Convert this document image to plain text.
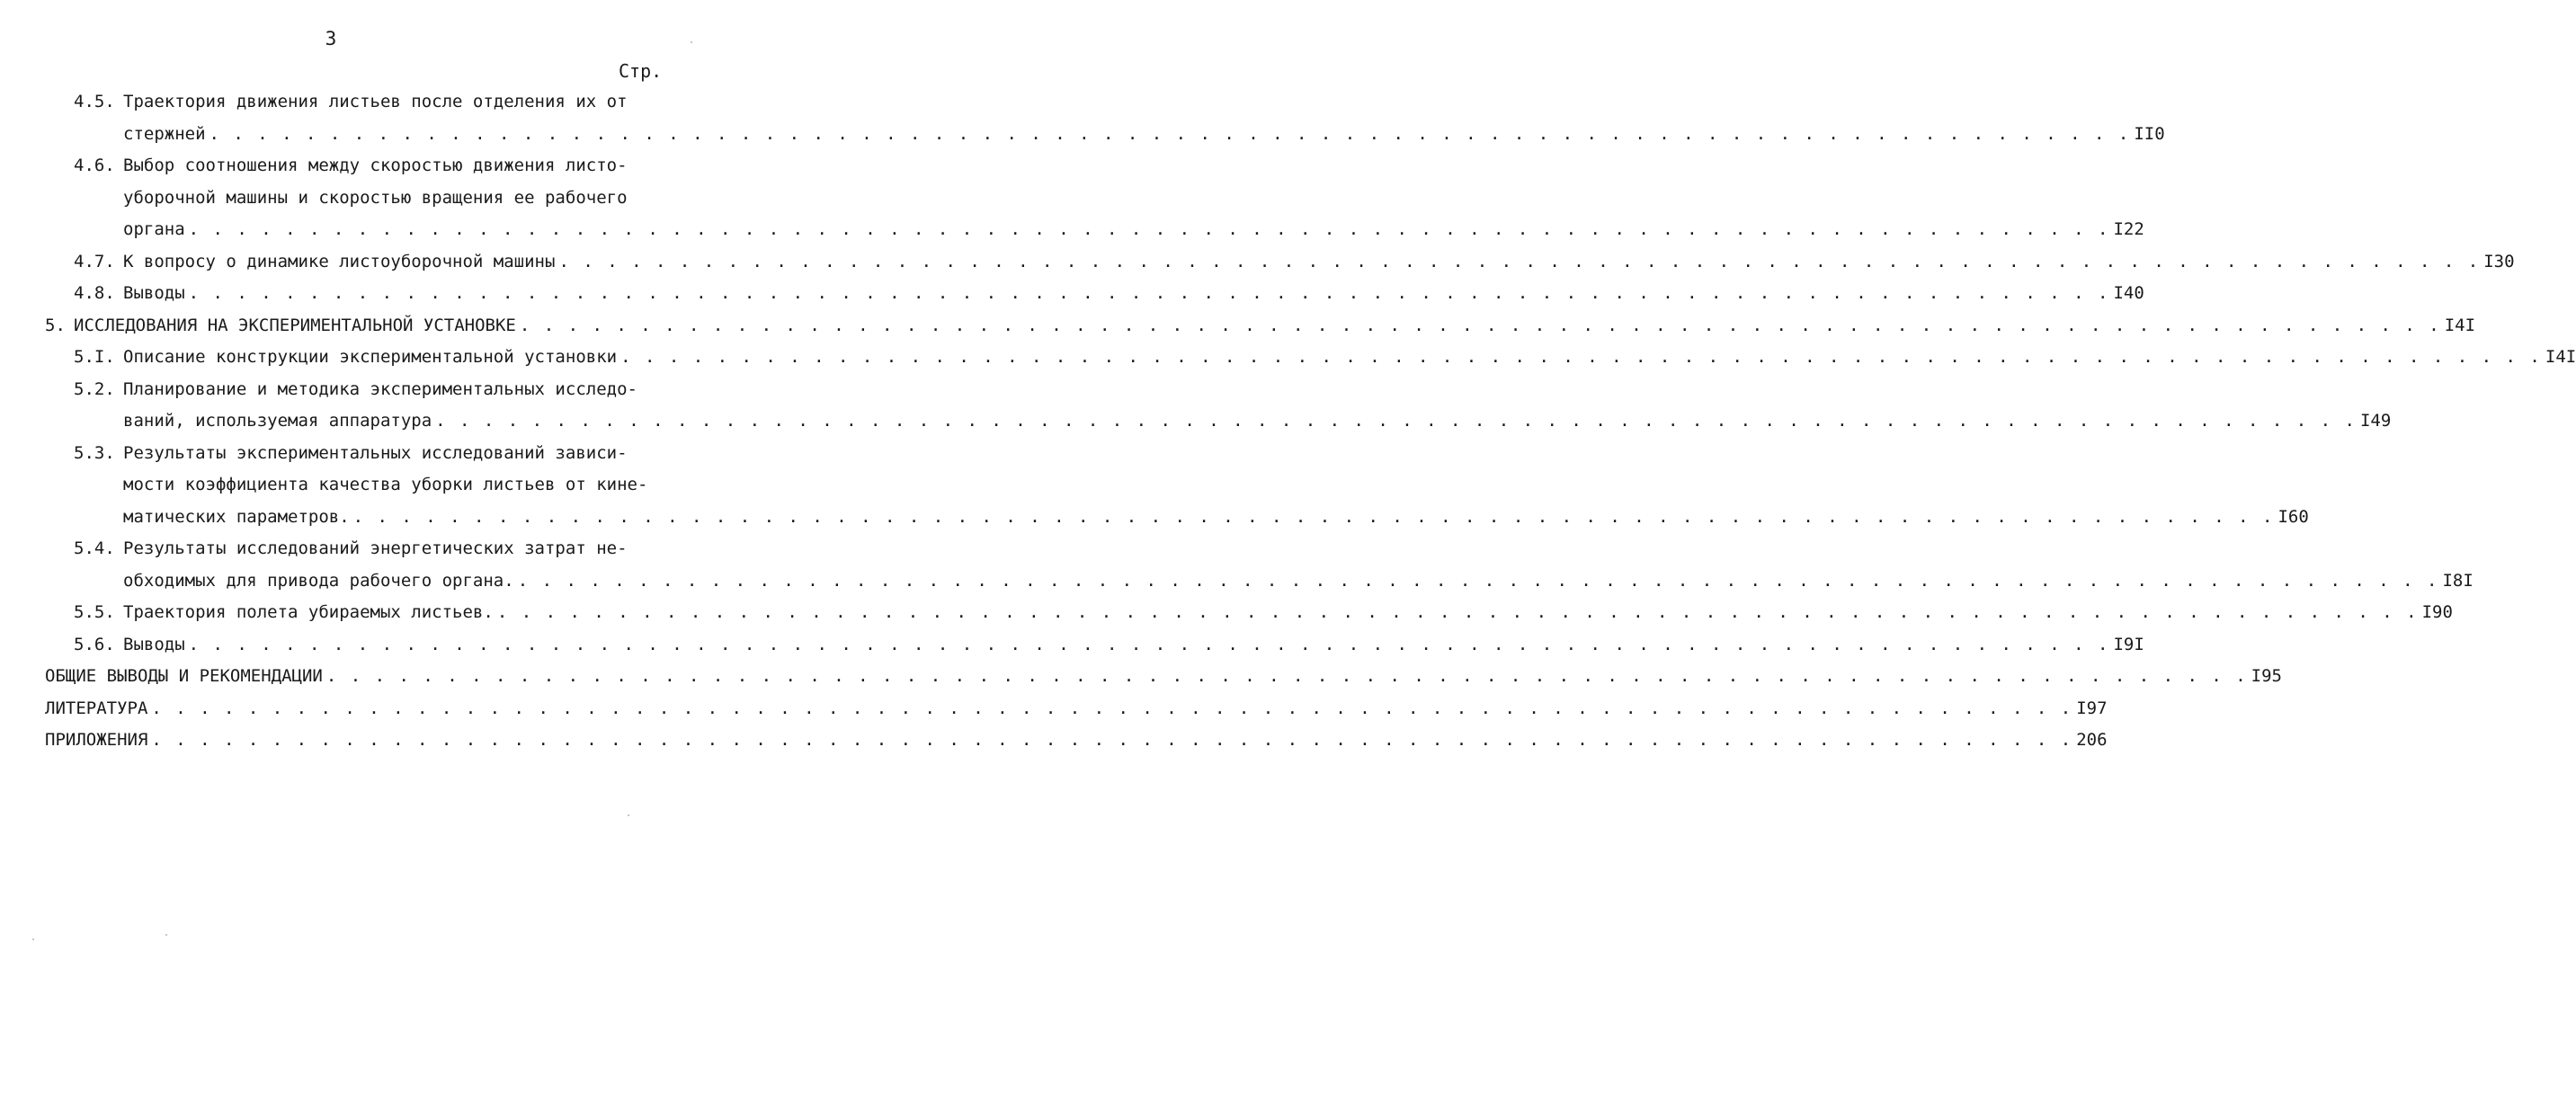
3
Стр.
4.5. Траектория движения листьев после отделения их от
стержней . . . . . . . . . . . . . . . . . . . . . . . . . . . . . . . . . . . . . . . . . . . . . . . . . . . . . . . . . . . . . . . . . . . . . . . . . . . . . . . . II0
4.6. Выбор соотношения между скоростью движения листо-
уборочной машины и скоростью вращения ее рабочего
органа . . . . . . . . . . . . . . . . . . . . . . . . . . . . . . . . . . . . . . . . . . . . . . . . . . . . . . . . . . . . . . . . . . . . . . . . . . . . . . . . I22
4.7. К вопросу о динамике листоуборочной машины . . . . . . . . . . . . . . . . . . . . . . . . . . . . . . . . . . . . . . . . . . . . . . . . . . . . . . . . . . . . . . . . . . . . . . . . . . . . . . . . I30
4.8. Выводы . . . . . . . . . . . . . . . . . . . . . . . . . . . . . . . . . . . . . . . . . . . . . . . . . . . . . . . . . . . . . . . . . . . . . . . . . . . . . . . . I40
5. ИССЛЕДОВАНИЯ НА ЭКСПЕРИМЕНТАЛЬНОЙ УСТАНОВКЕ . . . . . . . . . . . . . . . . . . . . . . . . . . . . . . . . . . . . . . . . . . . . . . . . . . . . . . . . . . . . . . . . . . . . . . . . . . . . . . . . I4I
5.I. Описание конструкции экспериментальной установки . . . . . . . . . . . . . . . . . . . . . . . . . . . . . . . . . . . . . . . . . . . . . . . . . . . . . . . . . . . . . . . . . . . . . . . . . . . . . . . . I4I
5.2. Планирование и методика экспериментальных исследо-
ваний, используемая аппаратура . . . . . . . . . . . . . . . . . . . . . . . . . . . . . . . . . . . . . . . . . . . . . . . . . . . . . . . . . . . . . . . . . . . . . . . . . . . . . . . . I49
5.3. Результаты экспериментальных исследований зависи-
мости коэффициента качества уборки листьев от кине-
матических параметров. . . . . . . . . . . . . . . . . . . . . . . . . . . . . . . . . . . . . . . . . . . . . . . . . . . . . . . . . . . . . . . . . . . . . . . . . . . . . . . . . I60
5.4. Результаты исследований энергетических затрат не-
обходимых для привода рабочего органа. . . . . . . . . . . . . . . . . . . . . . . . . . . . . . . . . . . . . . . . . . . . . . . . . . . . . . . . . . . . . . . . . . . . . . . . . . . . . . . . . I8I
5.5. Траектория полета убираемых листьев. . . . . . . . . . . . . . . . . . . . . . . . . . . . . . . . . . . . . . . . . . . . . . . . . . . . . . . . . . . . . . . . . . . . . . . . . . . . . . . . . I90
5.6. Выводы . . . . . . . . . . . . . . . . . . . . . . . . . . . . . . . . . . . . . . . . . . . . . . . . . . . . . . . . . . . . . . . . . . . . . . . . . . . . . . . . I9I
ОБЩИЕ ВЫВОДЫ И РЕКОМЕНДАЦИИ . . . . . . . . . . . . . . . . . . . . . . . . . . . . . . . . . . . . . . . . . . . . . . . . . . . . . . . . . . . . . . . . . . . . . . . . . . . . . . . . I95
ЛИТЕРАТУРА . . . . . . . . . . . . . . . . . . . . . . . . . . . . . . . . . . . . . . . . . . . . . . . . . . . . . . . . . . . . . . . . . . . . . . . . . . . . . . . . I97
ПРИЛОЖЕНИЯ . . . . . . . . . . . . . . . . . . . . . . . . . . . . . . . . . . . . . . . . . . . . . . . . . . . . . . . . . . . . . . . . . . . . . . . . . . . . . . . . 206
